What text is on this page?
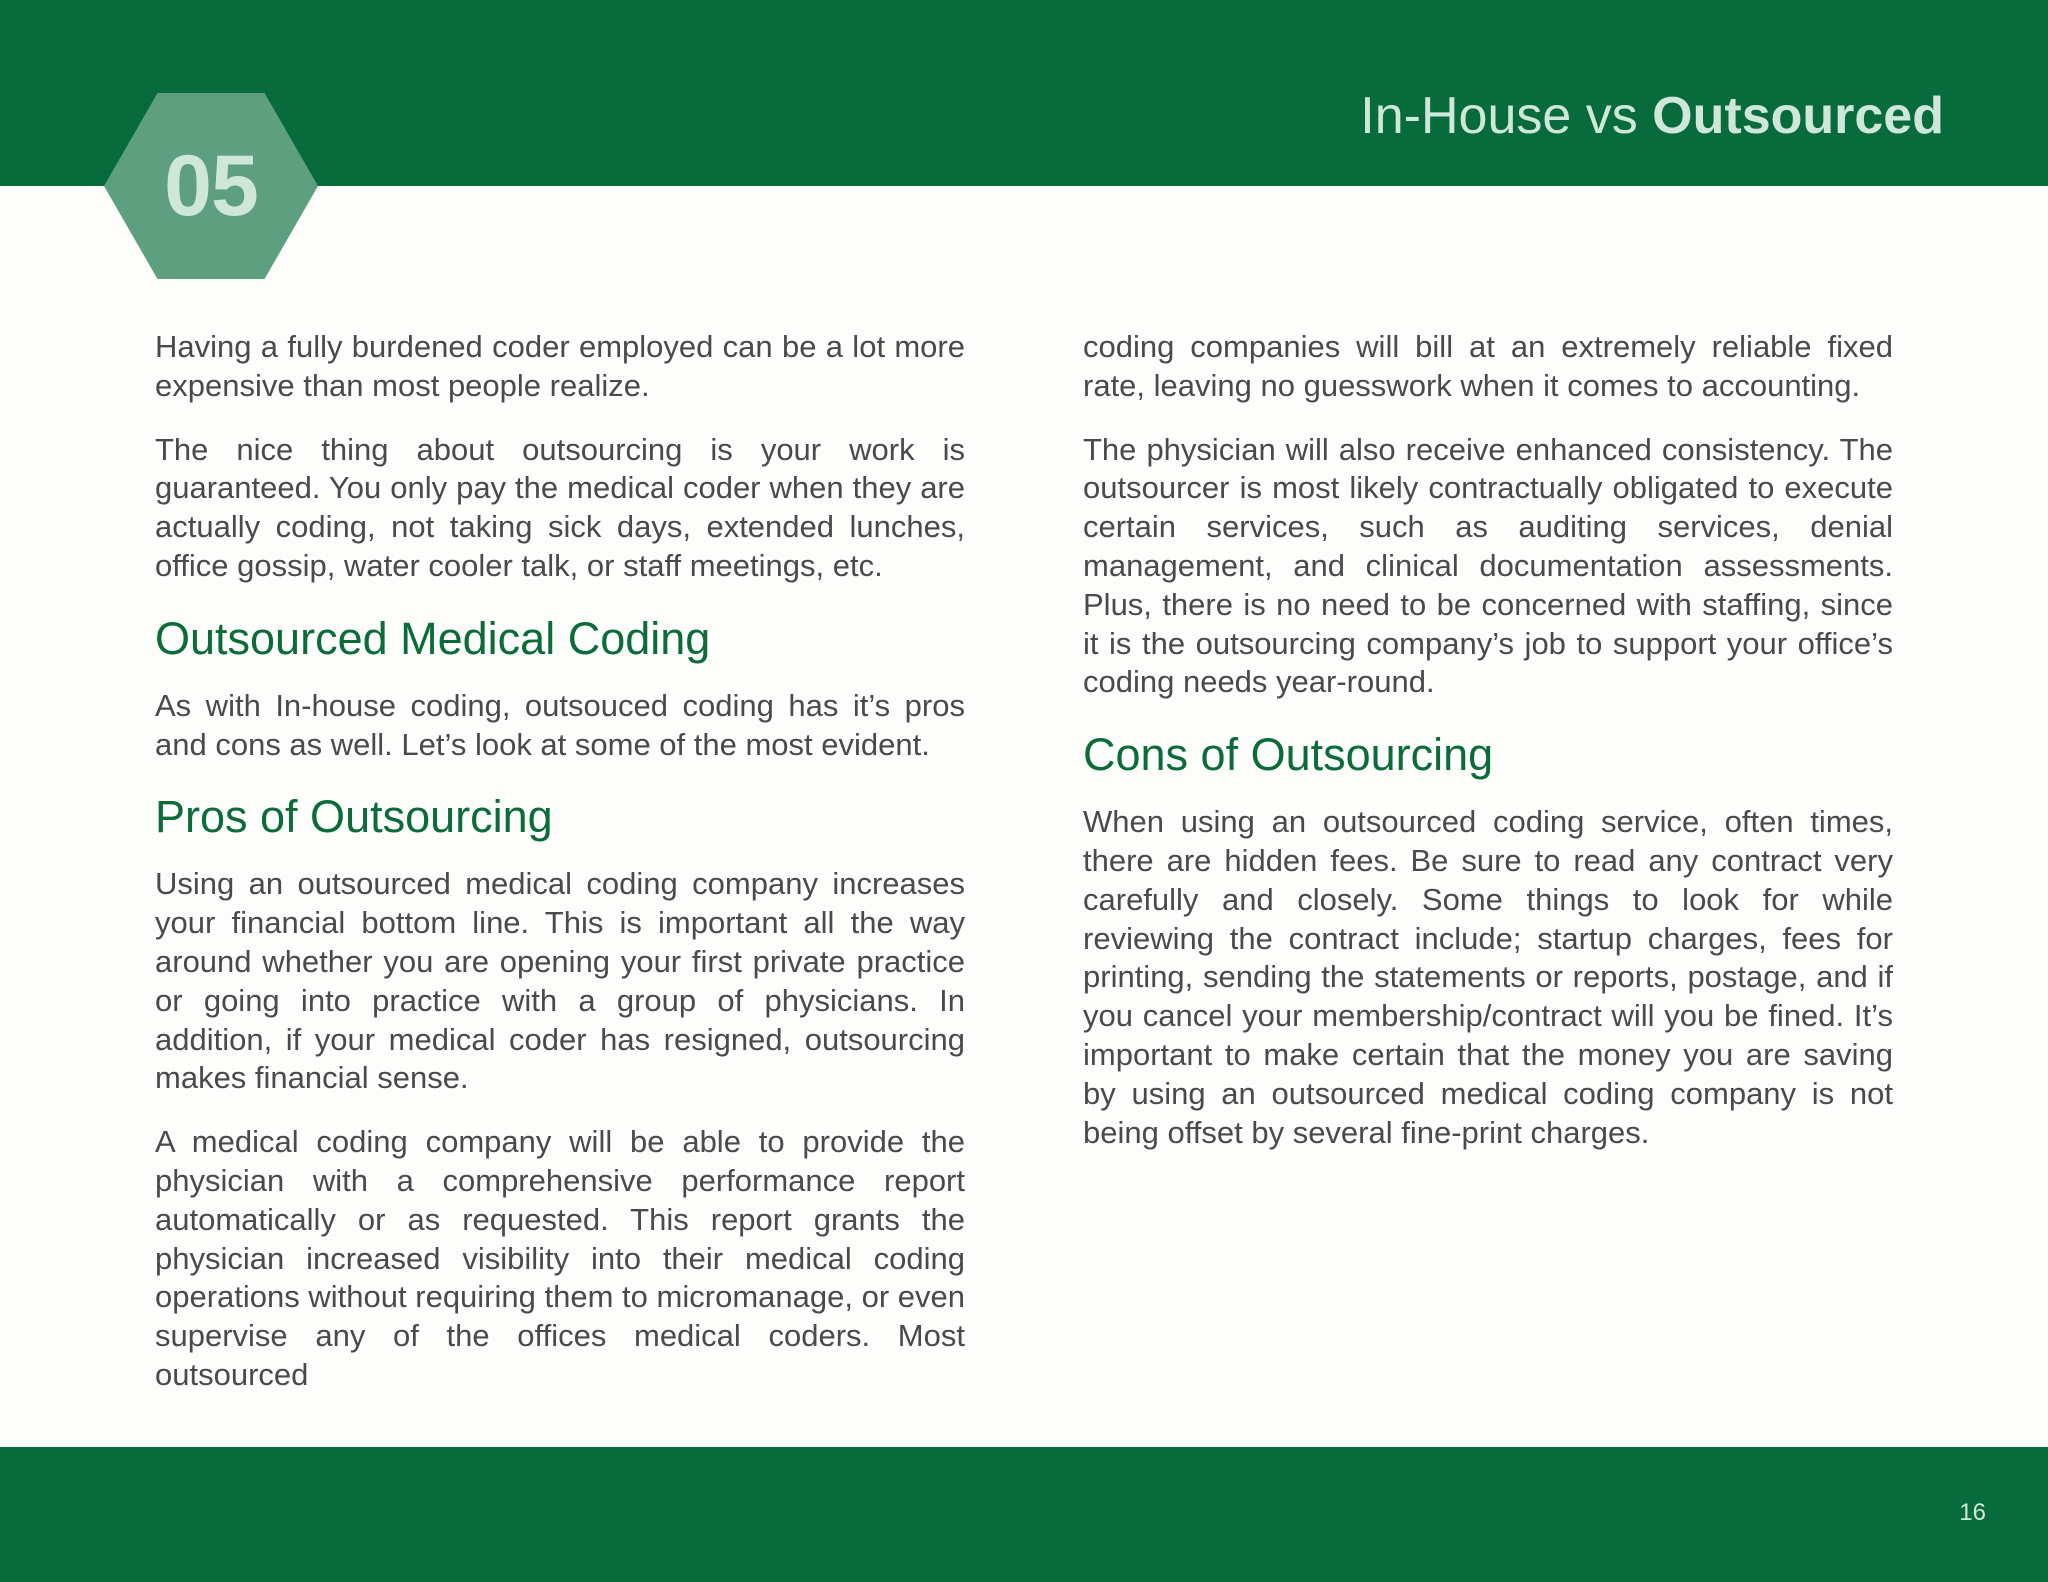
In-House vs Outsourced
05

Having a fully burdened coder employed can be a lot more expensive than most people realize.

The nice thing about outsourcing is your work is guaranteed. You only pay the medical coder when they are actually coding, not taking sick days, extended lunches, office gossip, water cooler talk, or staff meetings, etc.

Outsourced Medical Coding

As with In-house coding, outsouced coding has it’s pros and cons as well. Let’s look at some of the most evident.

Pros of Outsourcing

Using an outsourced medical coding company increases your financial bottom line. This is important all the way around whether you are opening your first private practice or going into practice with a group of physicians. In addition, if your medical coder has resigned, outsourcing makes financial sense.

A medical coding company will be able to provide the physician with a comprehensive performance report automatically or as requested. This report grants the physician increased visibility into their medical coding operations without requiring them to micromanage, or even supervise any of the offices medical coders. Most outsourced

coding companies will bill at an extremely reliable fixed rate, leaving no guesswork when it comes to accounting.

The physician will also receive enhanced consistency. The outsourcer is most likely contractually obligated to execute certain services, such as auditing services, denial management, and clinical documentation assessments. Plus, there is no need to be concerned with staffing, since it is the outsourcing company’s job to support your office’s coding needs year-round.

Cons of Outsourcing

When using an outsourced coding service, often times, there are hidden fees. Be sure to read any contract very carefully and closely. Some things to look for while reviewing the contract include; startup charges, fees for printing, sending the statements or reports, postage, and if you cancel your membership/contract will you be fined. It’s important to make certain that the money you are saving by using an outsourced medical coding company is not being offset by several fine-print charges.

16
